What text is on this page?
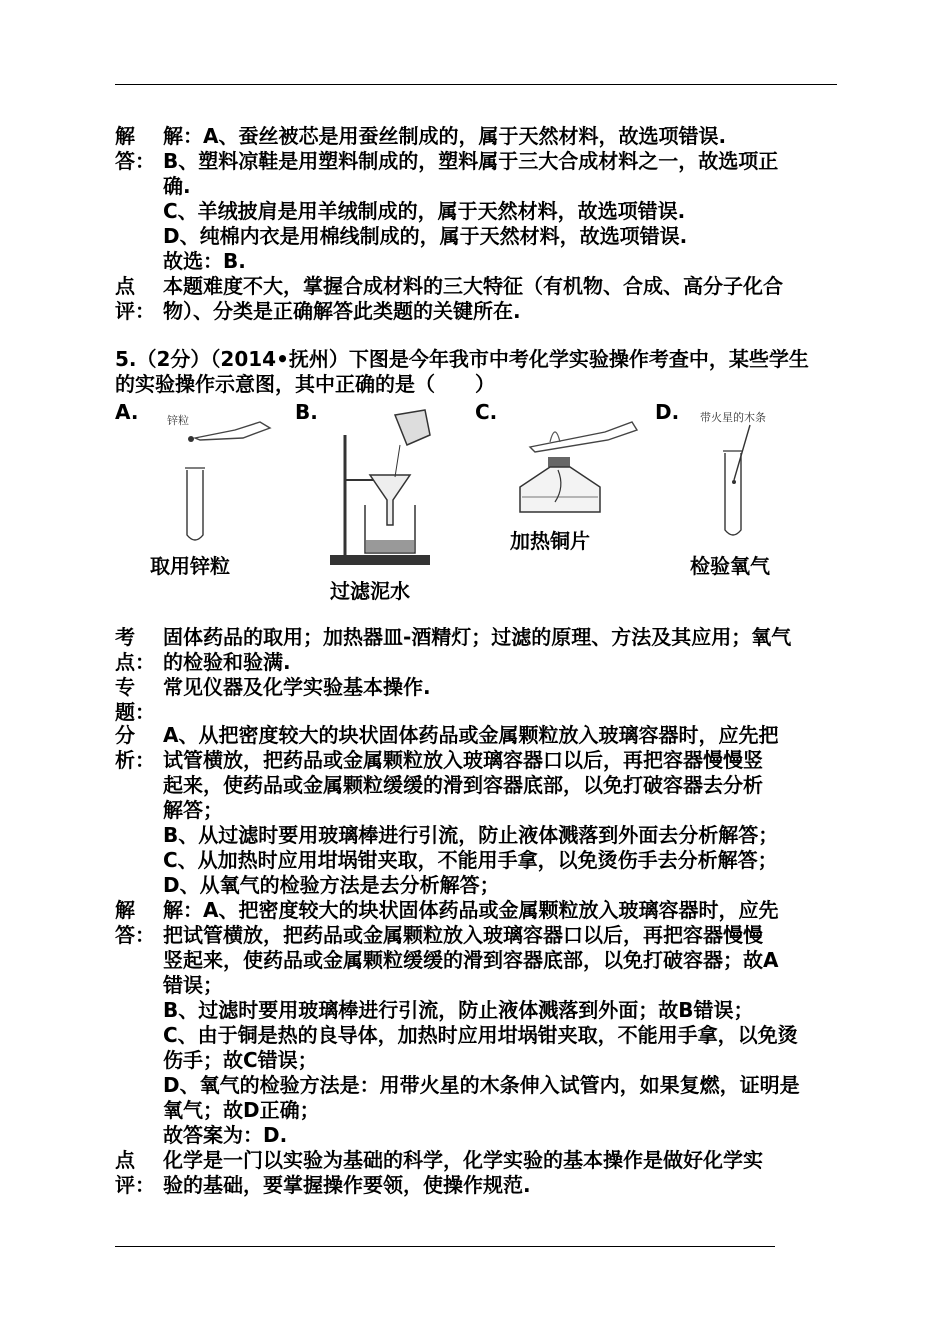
解
答：

解：A、蚕丝被芯是用蚕丝制成的，属于天然材料，故选项错误.

B、塑料凉鞋是用塑料制成的，塑料属于三大合成材料之一，故选项正

确.

C、羊绒披肩是用羊绒制成的，属于天然材料，故选项错误.

D、纯棉内衣是用棉线制成的，属于天然材料，故选项错误.

故选：B.

点
评：

本题难度不大，掌握合成材料的三大特征（有机物、合成、高分子化合

物）、分类是正确解答此类题的关键所在.

5.（2分）（2014•抚州）下图是今年我市中考化学实验操作考查中，某些学生

的实验操作示意图，其中正确的是（　　）

A.	B.	C.	D.
锌粒
取用锌粒
过滤泥水
加热铜片
带火星的木条
检验氧气
考
点：

固体药品的取用；加热器皿-酒精灯；过滤的原理、方法及其应用；氧气

的检验和验满.

专
题：

常见仪器及化学实验基本操作.

分
析：

A、从把密度较大的块状固体药品或金属颗粒放入玻璃容器时，应先把

试管横放，把药品或金属颗粒放入玻璃容器口以后，再把容器慢慢竖

起来，使药品或金属颗粒缓缓的滑到容器底部，以免打破容器去分析

解答；

B、从过滤时要用玻璃棒进行引流，防止液体溅落到外面去分析解答；

C、从加热时应用坩埚钳夹取，不能用手拿，以免烫伤手去分析解答；

D、从氧气的检验方法是去分析解答；

解
答：

解：A、把密度较大的块状固体药品或金属颗粒放入玻璃容器时，应先

把试管横放，把药品或金属颗粒放入玻璃容器口以后，再把容器慢慢

竖起来，使药品或金属颗粒缓缓的滑到容器底部，以免打破容器；故A

错误；

B、过滤时要用玻璃棒进行引流，防止液体溅落到外面；故B错误；

C、由于铜是热的良导体，加热时应用坩埚钳夹取，不能用手拿，以免烫

伤手；故C错误；

D、氧气的检验方法是：用带火星的木条伸入试管内，如果复燃，证明是

氧气；故D正确；

故答案为：D.

点
评：

化学是一门以实验为基础的科学，化学实验的基本操作是做好化学实

验的基础，要掌握操作要领，使操作规范.
